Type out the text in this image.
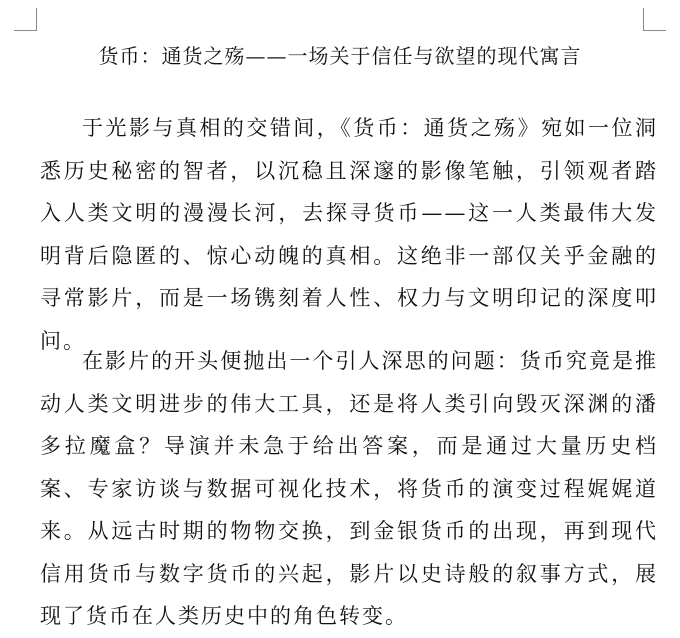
货币：通货之殇——一场关于信任与欲望的现代寓言

于光影与真相的交错间，《货币：通货之殇》宛如一位洞悉历史秘密的智者，以沉稳且深邃的影像笔触，引领观者踏入人类文明的漫漫长河，去探寻货币——这一人类最伟大发明背后隐匿的、惊心动魄的真相。这绝非一部仅关乎金融的寻常影片，而是一场镌刻着人性、权力与文明印记的深度叩问。

在影片的开头便抛出一个引人深思的问题：货币究竟是推动人类文明进步的伟大工具，还是将人类引向毁灭深渊的潘多拉魔盒？导演并未急于给出答案，而是通过大量历史档案、专家访谈与数据可视化技术，将货币的演变过程娓娓道来。从远古时期的物物交换，到金银货币的出现，再到现代信用货币与数字货币的兴起，影片以史诗般的叙事方式，展现了货币在人类历史中的角色转变。
